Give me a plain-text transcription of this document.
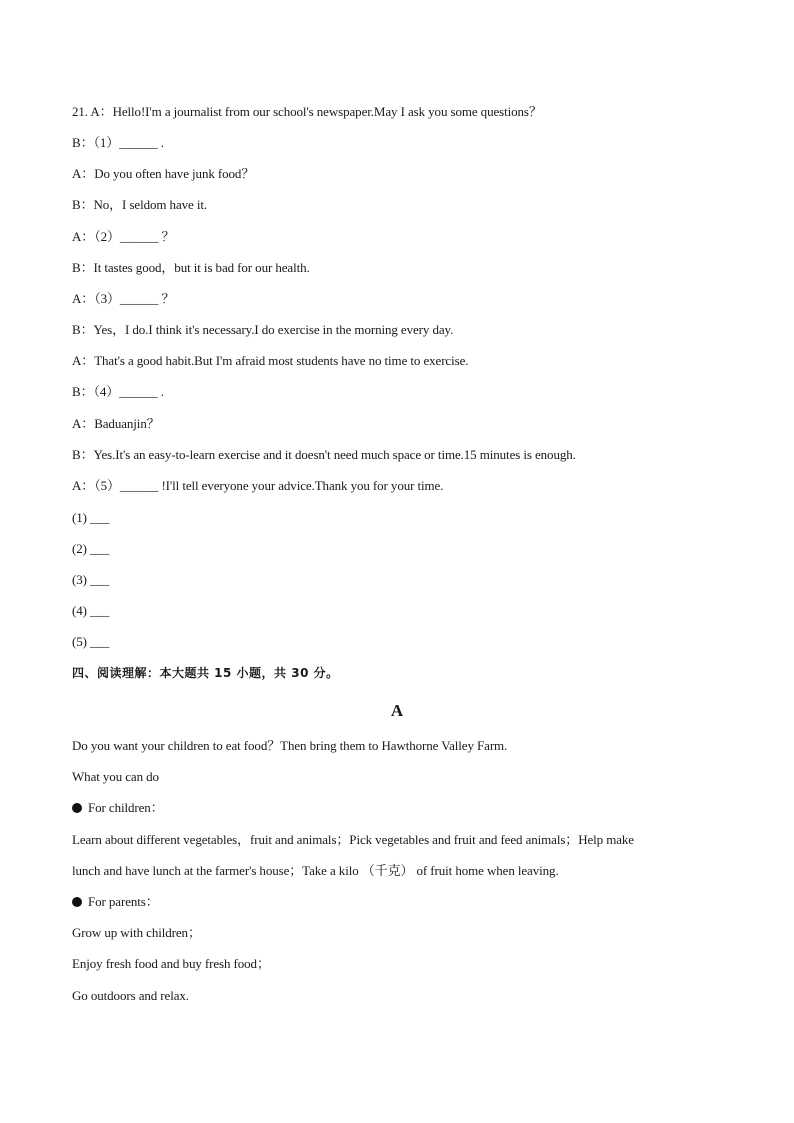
21. A：Hello!I'm a journalist from our school's newspaper.May I ask you some questions？
B：（1）______ .
A：Do you often have junk food？
B：No，I seldom have it.
A：（2）______ ？
B：It tastes good，but it is bad for our health.
A：（3）______ ？
B：Yes，I do.I think it's necessary.I do exercise in the morning every day.
A：That's a good habit.But I'm afraid most students have no time to exercise.
B：（4）______ .
A：Baduanjin？
B：Yes.It's an easy-to-learn exercise and it doesn't need much space or time.15 minutes is enough.
A：（5）______ !I'll tell everyone your advice.Thank you for your time.
(1) ___
(2) ___
(3) ___
(4) ___
(5) ___
四、阅读理解：本大题共 15 小题，共 30 分。
A
Do you want your children to eat food？Then bring them to Hawthorne Valley Farm.
What you can do
For children：
Learn about different vegetables，fruit and animals；Pick vegetables and fruit and feed animals；Help make
lunch and have lunch at the farmer's house；Take a kilo （千克） of fruit home when leaving.
For parents：
Grow up with children；
Enjoy fresh food and buy fresh food；
Go outdoors and relax.
